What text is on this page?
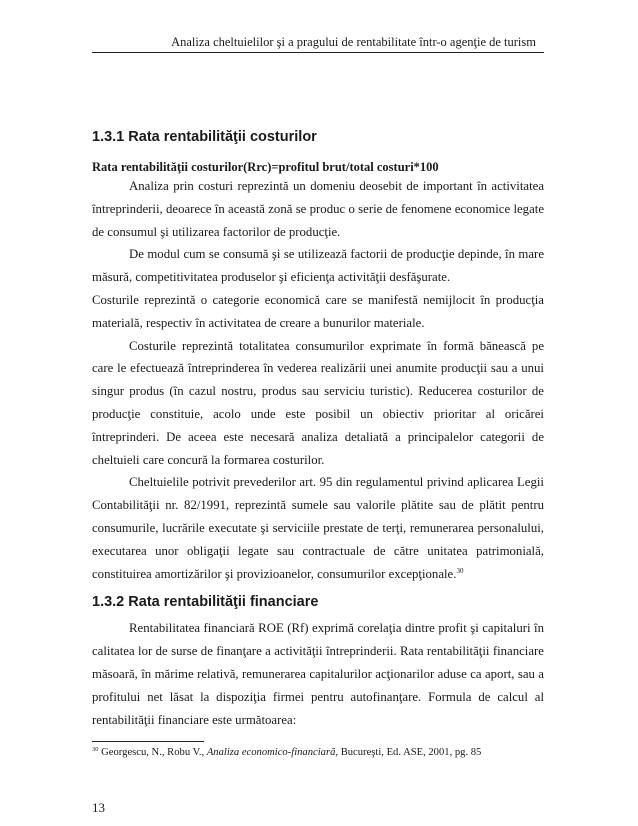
Analiza cheltuielilor şi a pragului de rentabilitate într-o agenţie de turism
1.3.1 Rata rentabilităţii costurilor
Rata rentabilităţii costurilor(Rrc)=profitul brut/total costuri*100

Analiza prin costuri reprezintă un domeniu deosebit de important în activitatea întreprinderii, deoarece în această zonă se produc o serie de fenomene economice legate de consumul şi utilizarea factorilor de producţie.

De modul cum se consumă şi se utilizează factorii de producţie depinde, în mare măsură, competitivitatea produselor şi eficienţa activităţii desfăşurate.

Costurile reprezintă o categorie economică care se manifestă nemijlocit în producţia materială, respectiv în activitatea de creare a bunurilor materiale.

Costurile reprezintă totalitatea consumurilor exprimate în formă bănească pe care le efectuează întreprinderea în vederea realizării unei anumite producţii sau a unui singur produs (în cazul nostru, produs sau serviciu turistic). Reducerea costurilor de producţie constituie, acolo unde este posibil un obiectiv prioritar al oricărei întreprinderi. De aceea este necesară analiza detaliată a principalelor categorii de cheltuieli care concură la formarea costurilor.

Cheltuielile potrivit prevederilor art. 95 din regulamentul privind aplicarea Legii Contabilităţii nr. 82/1991, reprezintă sumele sau valorile plătite sau de plătit pentru consumurile, lucrările executate şi serviciile prestate de terţi, remunerarea personalului, executarea unor obligaţii legate sau contractuale de către unitatea patrimonială, constituirea amortizărilor şi provizioanelor, consumurilor excepţionale.$^{30}$

1.3.2 Rata rentabilităţii financiare

Rentabilitatea financiară ROE (Rf) exprimă corelaţia dintre profit şi capitaluri în calitatea lor de surse de finanţare a activităţii întreprinderii. Rata rentabilităţii financiare măsoară, în mărime relativă, remunerarea capitalurilor acţionarilor aduse ca aport, sau a profitului net lăsat la dispoziţia firmei pentru autofinanţare. Formula de calcul al rentabilităţii financiare este următoarea:

$^{30}$ Georgescu, N., Robu V., Analiza economico-financiară, Bucureşti, Ed. ASE, 2001, pg. 85
13
